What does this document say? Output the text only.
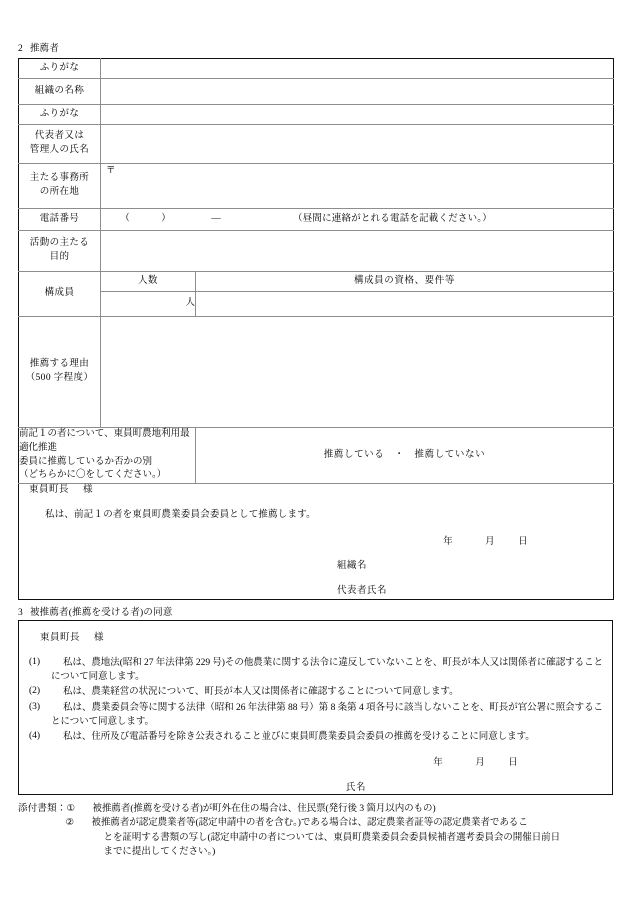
2 推薦者
ふりがな		
組織の名称		
ふりがな		

代表者又は
管理人の氏名		

主たる事務所
の所在地	〒	
電話番号	（ ） ― （昼間に連絡がとれる電話を記載ください。）	

活動の主たる
目的		

構成員	人数	構成員の資格、要件等
	人	

推薦する理由
（500 字程度）		

前記１の者について、東員町農地利用最適化推進
委員に推薦しているか否かの別
（どちらかに〇をしてください。）		推薦している ・ 推薦していない

東員町長 様
私は、前記１の者を東員町農業委員会委員として推薦します。
年 月 日
組織名
代表者氏名		
3 被推薦者(推薦を受ける者)の同意
東員町長 様
(1)	私は、農地法(昭和 27 年法律第 229 号)その他農業に関する法令に違反していないことを、町長が本人又は関係者に確認することについて同意します。
(2)	私は、農業経営の状況について、町長が本人又は関係者に確認することについて同意します。
(3)	私は、農業委員会等に関する法律（昭和 26 年法律第 88 号）第 8 条第 4 項各号に該当しないことを、町長が官公署に照会することについて同意します。
(4)	私は、住所及び電話番号を除き公表されること並びに東員町農業委員会委員の推薦を受けることに同意します。
年	月 日
氏名
添付書類： ①	被推薦者(推薦を受ける者)が町外在住の場合は、住民票(発行後 3 箇月以内のもの)
②	被推薦者が認定農業者等(認定申請中の者を含む。)である場合は、認定農業者証等の認定農業者であるこ
とを証明する書類の写し(認定申請中の者については、東員町農業委員会委員候補者選考委員会の開催日前日
までに提出してください。)
